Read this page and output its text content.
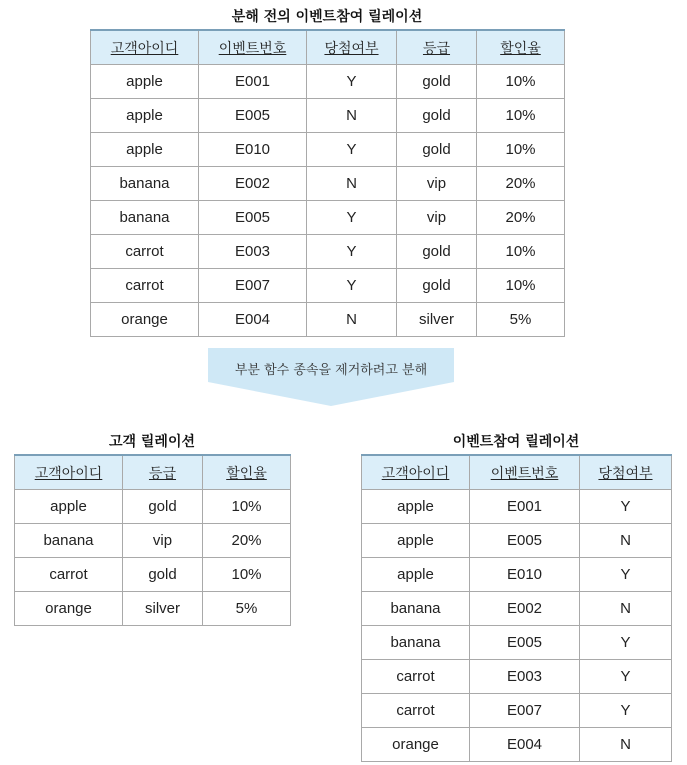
분해 전의 이벤트참여 릴레이션
고객아이디	이벤트번호	당첨여부	등급	할인율
apple	E001	Y	gold	10%
apple	E005	N	gold	10%
apple	E010	Y	gold	10%
banana	E002	N	vip	20%
banana	E005	Y	vip	20%
carrot	E003	Y	gold	10%
carrot	E007	Y	gold	10%
orange	E004	N	silver	5%
부분 함수 종속을 제거하려고 분해
고객 릴레이션
고객아이디	등급	할인율
apple	gold	10%
banana	vip	20%
carrot	gold	10%
orange	silver	5%
이벤트참여 릴레이션
고객아이디	이벤트번호	당첨여부
apple	E001	Y
apple	E005	N
apple	E010	Y
banana	E002	N
banana	E005	Y
carrot	E003	Y
carrot	E007	Y
orange	E004	N
